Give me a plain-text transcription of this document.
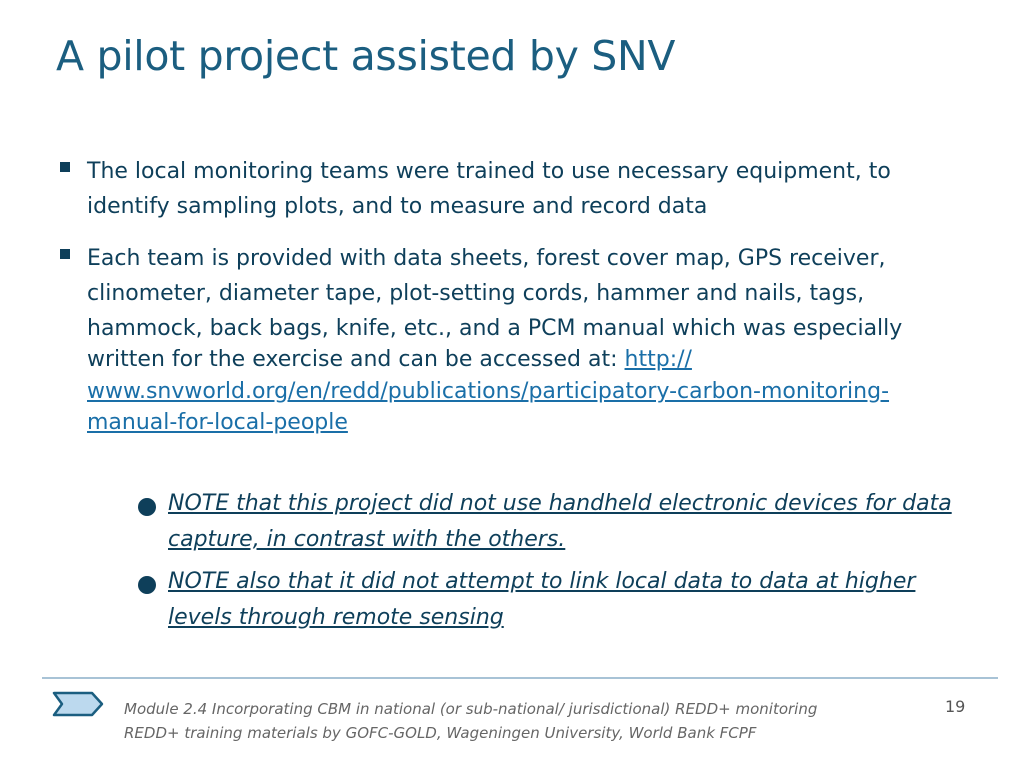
A pilot project assisted by SNV
The local monitoring teams were trained to use necessary equipment, to
identify sampling plots, and to measure and record data
Each team is provided with data sheets, forest cover map, GPS receiver,
clinometer, diameter tape, plot-setting cords, hammer and nails, tags,
hammock, back bags, knife, etc., and a PCM manual which was especially
written for the exercise and can be accessed at: http://
www.snvworld.org/en/redd/publications/participatory-carbon-monitoring-
manual-for-local-people
NOTE that this project did not use handheld electronic devices for data
capture, in contrast with the others.
NOTE also that it did not attempt to link local data to data at higher
levels through remote sensing
Module 2.4 Incorporating CBM in national (or sub-national/ jurisdictional) REDD+ monitoring
REDD+ training materials by GOFC-GOLD, Wageningen University, World Bank FCPF
19
